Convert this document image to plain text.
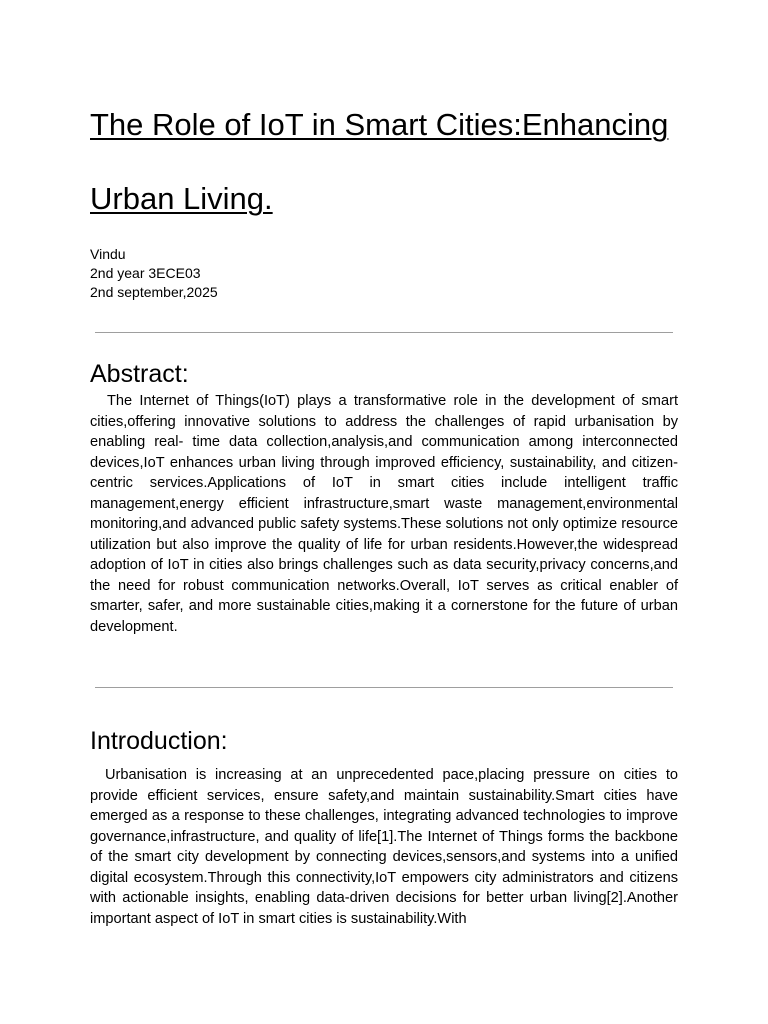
The Role of IoT in Smart Cities:Enhancing Urban Living.
Vindu
2nd year 3ECE03
2nd september,2025
Abstract:

The Internet of Things(IoT) plays a transformative role in the development of smart cities,offering innovative solutions to address the challenges of rapid urbanisation by enabling real- time data collection,analysis,and communication among interconnected devices,IoT enhances urban living through improved efficiency, sustainability, and citizen-centric services.Applications of IoT in smart cities include intelligent traffic management,energy efficient infrastructure,smart waste management,environmental monitoring,and advanced public safety systems.These solutions not only optimize resource utilization but also improve the quality of life for urban residents.However,the widespread adoption of IoT in cities also brings challenges such as data security,privacy concerns,and the need for robust communication networks.Overall, IoT serves as critical enabler of smarter, safer, and more sustainable cities,making it a cornerstone for the future of urban development.

Introduction:

Urbanisation is increasing at an unprecedented pace,placing pressure on cities to provide efficient services, ensure safety,and maintain sustainability.Smart cities have emerged as a response to these challenges, integrating advanced technologies to improve governance,infrastructure, and quality of life[1].The Internet of Things forms the backbone of the smart city development by connecting devices,sensors,and systems into a unified digital ecosystem.Through this connectivity,IoT empowers city administrators and citizens with actionable insights, enabling data-driven decisions for better urban living[2].Another important aspect of IoT in smart cities is sustainability.With
